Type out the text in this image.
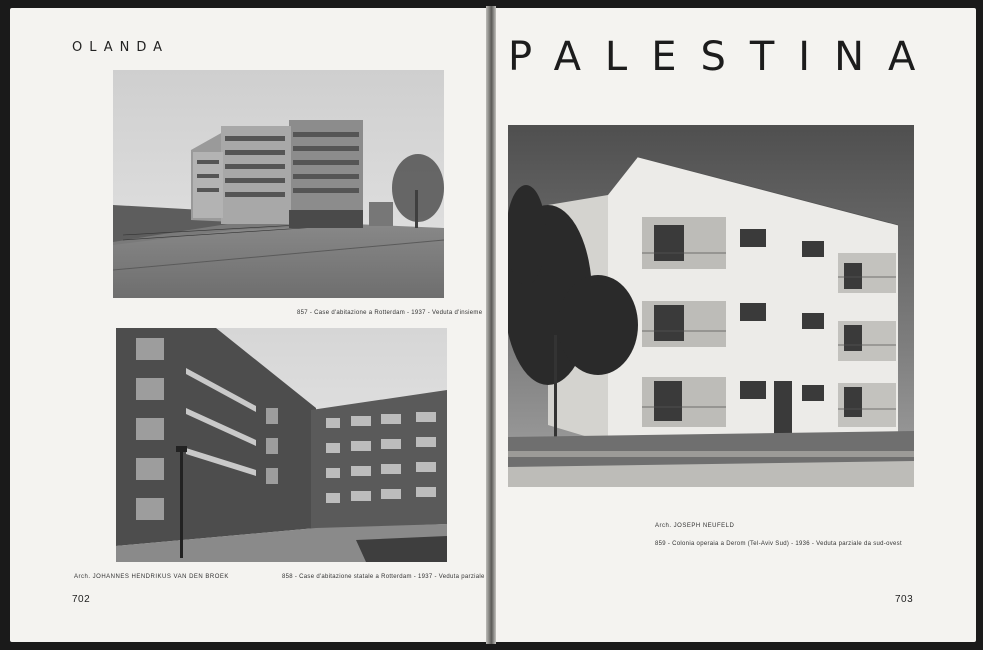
OLANDA
857 - Case d'abitazione a Rotterdam - 1937 - Veduta d'insieme
Arch. JOHANNES HENDRIKUS VAN DEN BROEK	858 - Case d'abitazione statale a Rotterdam - 1937 - Veduta parziale
702
PALESTINA
Arch. JOSEPH NEUFELD
859 - Colonia operaia a Derom (Tel-Aviv Sud) - 1936 - Veduta parziale da sud-ovest
703
